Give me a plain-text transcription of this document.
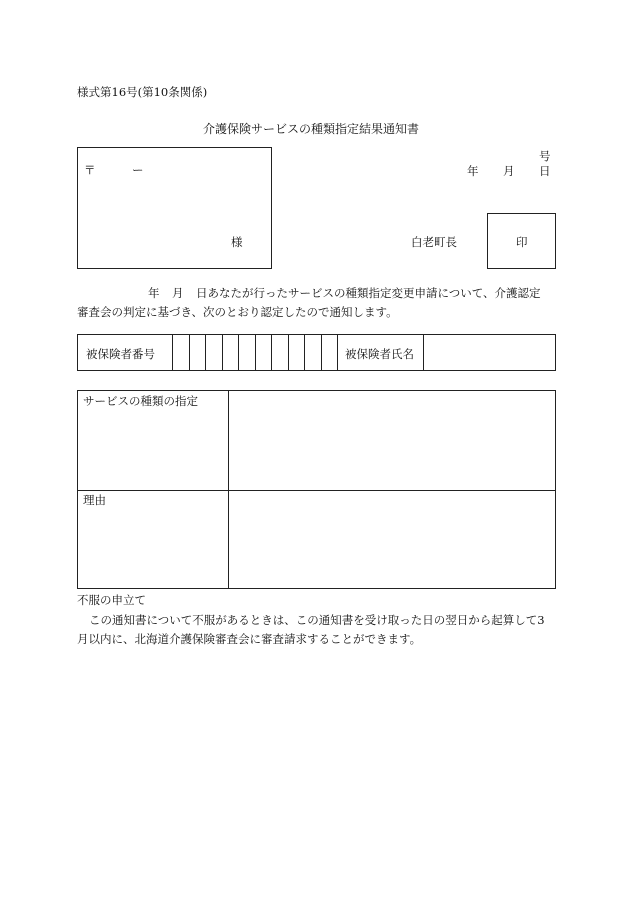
様式第16号(第10条関係)
介護保険サービスの種類指定結果通知書
〒	ー
様
号
年 月 日
白老町長	印
年 月 日あなたが行ったサービスの種類指定変更申請について、介護認定
審査会の判定に基づき、次のとおり認定したので通知します。
被保険者番号	被保険者氏名
サービスの種類の指定
理由
不服の申立て
この通知書について不服があるときは、この通知書を受け取った日の翌日から起算して3
月以内に、北海道介護保険審査会に審査請求することができます。
